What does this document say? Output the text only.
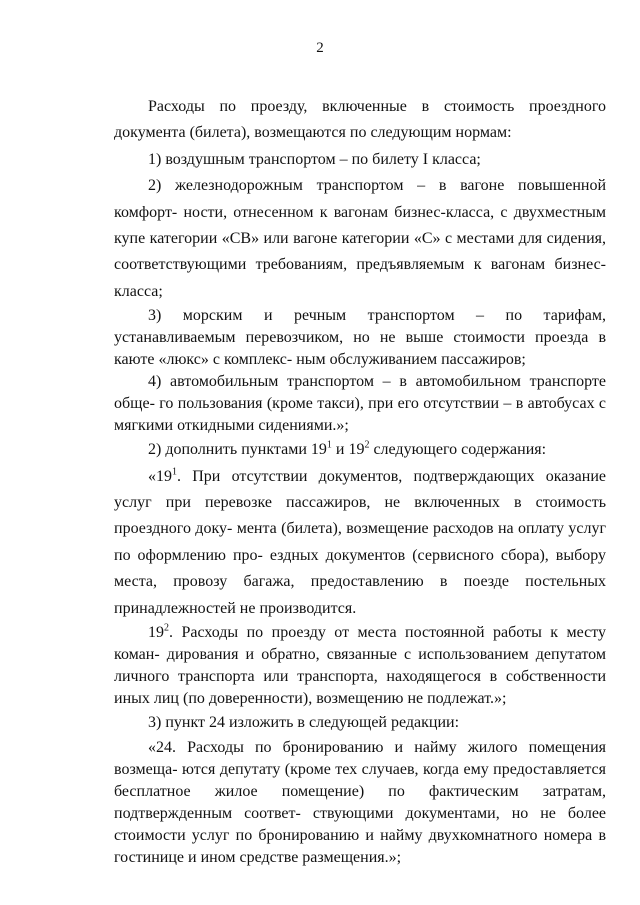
2

Расходы по проезду, включенные в стоимость проездного документа (билета), возмещаются по следующим нормам:

1) воздушным транспортом – по билету I класса;

2) железнодорожным транспортом – в вагоне повышенной комфорт- ности, отнесенном к вагонам бизнес-класса, с двухместным купе категории «СВ» или вагоне категории «С» с местами для сидения, соответствующими требованиям, предъявляемым к вагонам бизнес-класса;

3) морским и речным транспортом – по тарифам, устанавливаемым перевозчиком, но не выше стоимости проезда в каюте «люкс» с комплекс- ным обслуживанием пассажиров;

4) автомобильным транспортом – в автомобильном транспорте обще- го пользования (кроме такси), при его отсутствии – в автобусах с мягкими откидными сидениями.»;

2) дополнить пунктами $19^1$ и $19^2$ следующего содержания:

«$19^1$. При отсутствии документов, подтверждающих оказание услуг при перевозке пассажиров, не включенных в стоимость проездного доку- мента (билета), возмещение расходов на оплату услуг по оформлению про- ездных документов (сервисного сбора), выбору места, провозу багажа, предоставлению в поезде постельных принадлежностей не производится.

$19^2$. Расходы по проезду от места постоянной работы к месту коман- дирования и обратно, связанные с использованием депутатом личного транспорта или транспорта, находящегося в собственности иных лиц (по доверенности), возмещению не подлежат.»;

3) пункт 24 изложить в следующей редакции:

«24. Расходы по бронированию и найму жилого помещения возмеща- ются депутату (кроме тех случаев, когда ему предоставляется бесплатное жилое помещение) по фактическим затратам, подтвержденным соответ- ствующими документами, но не более стоимости услуг по бронированию и найму двухкомнатного номера в гостинице и ином средстве размещения.»;
